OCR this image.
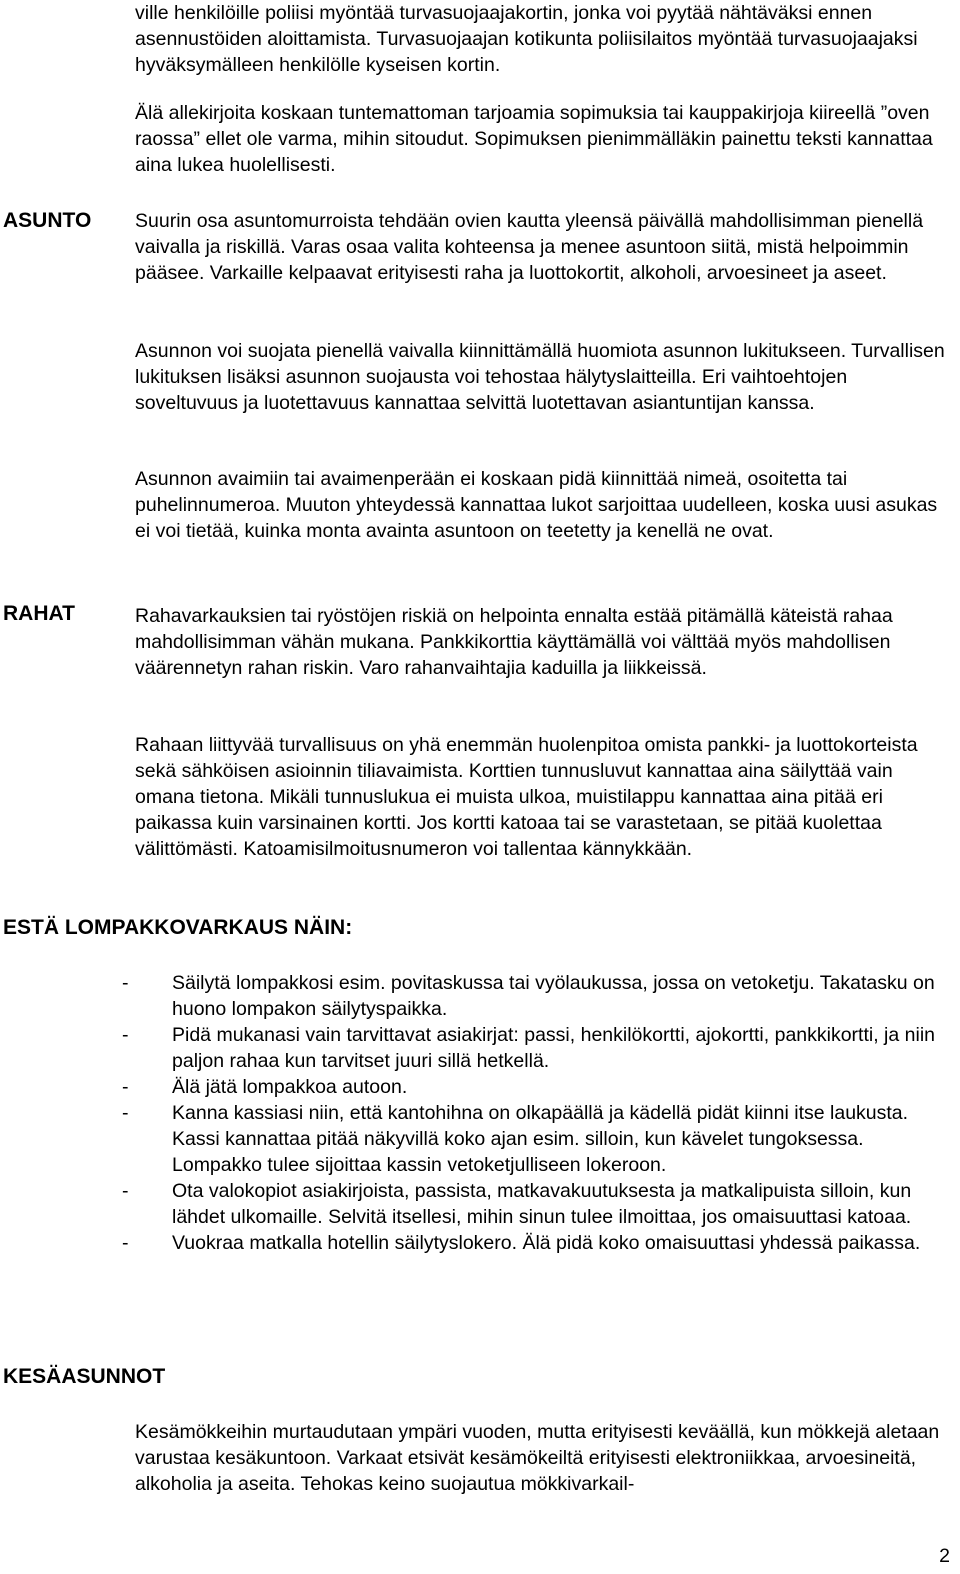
ville henkilöille poliisi myöntää turvasuojaajakortin, jonka voi pyytää nähtäväksi ennen asennustöiden aloittamista. Turvasuojaajan kotikunta poliisilaitos myöntää turvasuojaajaksi hyväksymälleen henkilölle kyseisen kortin.

Älä allekirjoita koskaan tuntemattoman tarjoamia sopimuksia tai kauppakirjoja kiireellä ”oven raossa” ellet ole varma, mihin sitoudut. Sopimuksen pienimmälläkin painettu teksti kannattaa aina lukea huolellisesti.

ASUNTO Suurin osa asuntomurroista tehdään ovien kautta yleensä päivällä mahdollisimman pienellä vaivalla ja riskillä. Varas osaa valita kohteensa ja menee asuntoon siitä, mistä helpoimmin pääsee. Varkaille kelpaavat erityisesti raha ja luottokortit, alkoholi, arvoesineet ja aseet.

Asunnon voi suojata pienellä vaivalla kiinnittämällä huomiota asunnon lukitukseen. Turvallisen lukituksen lisäksi asunnon suojausta voi tehostaa hälytyslaitteilla. Eri vaihtoehtojen soveltuvuus ja luotettavuus kannattaa selvittä luotettavan asiantuntijan kanssa.

Asunnon avaimiin tai avaimenperään ei koskaan pidä kiinnittää nimeä, osoitetta tai puhelinnumeroa. Muuton yhteydessä kannattaa lukot sarjoittaa uudelleen, koska uusi asukas ei voi tietää, kuinka monta avainta asuntoon on teetetty ja kenellä ne ovat.

RAHAT	Rahavarkauksien tai ryöstöjen riskiä on helpointa ennalta estää pitämällä käteistä rahaa mahdollisimman vähän mukana. Pankkikorttia käyttämällä voi välttää myös mahdollisen väärennetyn rahan riskin. Varo rahanvaihtajia kaduilla ja liikkeissä.

Rahaan liittyvää turvallisuus on yhä enemmän huolenpitoa omista pankki- ja luottokorteista sekä sähköisen asioinnin tiliavaimista. Korttien tunnusluvut kannattaa aina säilyttää vain omana tietona. Mikäli tunnuslukua ei muista ulkoa, muistilappu kannattaa aina pitää eri paikassa kuin varsinainen kortti. Jos kortti katoaa tai se varastetaan, se pitää kuolettaa välittömästi. Katoamisilmoitusnumeron voi tallentaa kännykkään.

ESTÄ LOMPAKKOVARKAUS NÄIN:
- Säilytä lompakkosi esim. povitaskussa tai vyölaukussa, jossa on vetoketju. Takatasku on huono lompakon säilytyspaikka.
- Pidä mukanasi vain tarvittavat asiakirjat: passi, henkilökortti, ajokortti, pankkikortti, ja niin paljon rahaa kun tarvitset juuri sillä hetkellä.
- Älä jätä lompakkoa autoon.
- Kanna kassiasi niin, että kantohihna on olkapäällä ja kädellä pidät kiinni itse laukusta. Kassi kannattaa pitää näkyvillä koko ajan esim. silloin, kun kävelet tungoksessa. Lompakko tulee sijoittaa kassin vetoketjulliseen lokeroon.
- Ota valokopiot asiakirjoista, passista, matkavakuutuksesta ja matkalipuista silloin, kun lähdet ulkomaille. Selvitä itsellesi, mihin sinun tulee ilmoittaa, jos omaisuuttasi katoaa.
- Vuokraa matkalla hotellin säilytyslokero. Älä pidä koko omaisuuttasi yhdessä paikassa.
KESÄASUNNOT

Kesämökkeihin murtaudutaan ympäri vuoden, mutta erityisesti keväällä, kun mökkejä aletaan varustaa kesäkuntoon. Varkaat etsivät kesämökeiltä erityisesti elektroniikkaa, arvoesineitä, alkoholia ja aseita. Tehokas keino suojautua mökkivarkail-

2
